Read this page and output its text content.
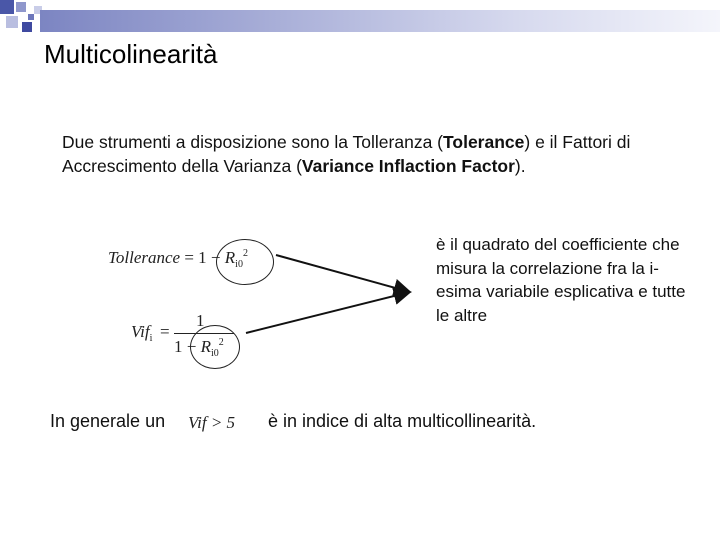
Multicolinearità

Due strumenti a disposizione sono la Tolleranza (Tolerance) e il Fattori di Accrescimento della Varianza (Variance Inflaction Factor).

Tollerance = $1 - R_{i0}^2$
Vif$_i$ =
1
$1 - R_{i0}^2$

è il quadrato del coefficiente che misura la correlazione fra la i-esima variabile esplicativa e tutte le altre

In generale un Vif > 5 è in indice di alta multicollinearità.
